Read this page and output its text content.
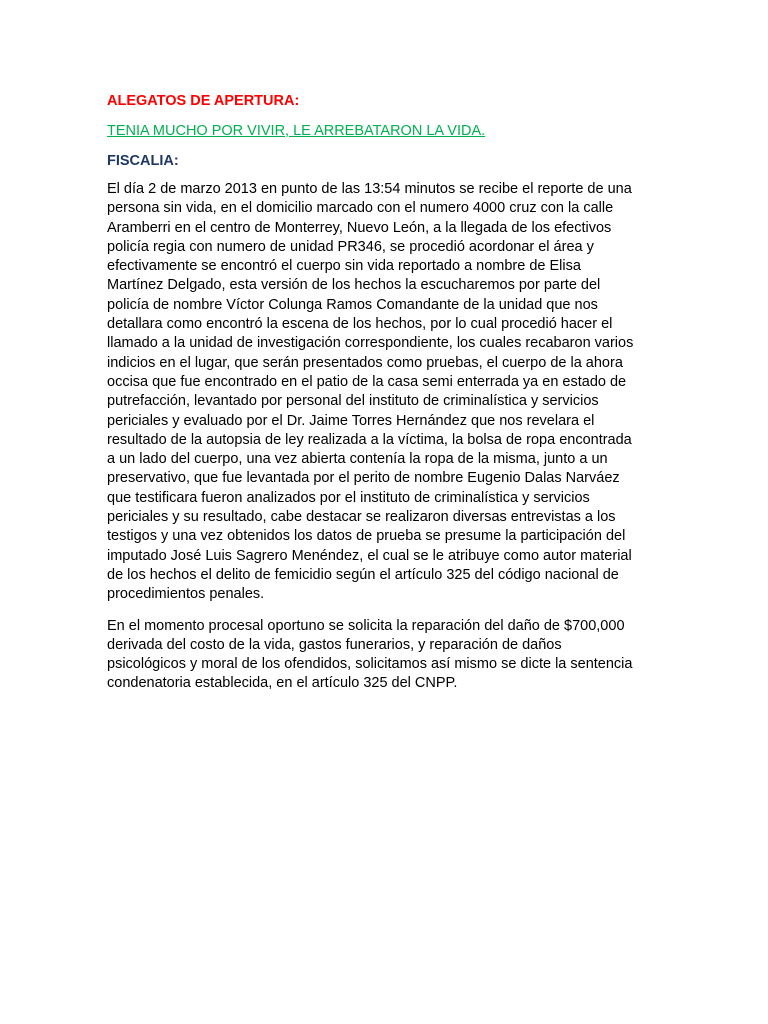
ALEGATOS DE APERTURA:
TENIA MUCHO POR VIVIR, LE ARREBATARON LA VIDA.
FISCALIA:
El día 2 de marzo 2013 en punto de las 13:54 minutos se recibe el reporte de una
persona sin vida, en el domicilio marcado con el numero 4000 cruz con la calle
Aramberri en el centro de Monterrey, Nuevo León, a la llegada de los efectivos
policía regia con numero de unidad PR346, se procedió acordonar el área y
efectivamente se encontró el cuerpo sin vida reportado a nombre de Elisa
Martínez Delgado, esta versión de los hechos la escucharemos por parte del
policía de nombre Víctor Colunga Ramos Comandante de la unidad que nos
detallara como encontró la escena de los hechos, por lo cual procedió hacer el
llamado a la unidad de investigación correspondiente, los cuales recabaron varios
indicios en el lugar, que serán presentados como pruebas, el cuerpo de la ahora
occisa que fue encontrado en el patio de la casa semi enterrada ya en estado de
putrefacción, levantado por personal del instituto de criminalística y servicios
periciales y evaluado por el Dr. Jaime Torres Hernández que nos revelara el
resultado de la autopsia de ley realizada a la víctima, la bolsa de ropa encontrada
a un lado del cuerpo, una vez abierta contenía la ropa de la misma, junto a un
preservativo, que fue levantada por el perito de nombre Eugenio Dalas Narváez
que testificara fueron analizados por el instituto de criminalística y servicios
periciales y su resultado, cabe destacar se realizaron diversas entrevistas a los
testigos y una vez obtenidos los datos de prueba se presume la participación del
imputado José Luis Sagrero Menéndez, el cual se le atribuye como autor material
de los hechos el delito de femicidio según el artículo 325 del código nacional de
procedimientos penales.
En el momento procesal oportuno se solicita la reparación del daño de $700,000
derivada del costo de la vida, gastos funerarios, y reparación de daños
psicológicos y moral de los ofendidos, solicitamos así mismo se dicte la sentencia
condenatoria establecida, en el artículo 325 del CNPP.
